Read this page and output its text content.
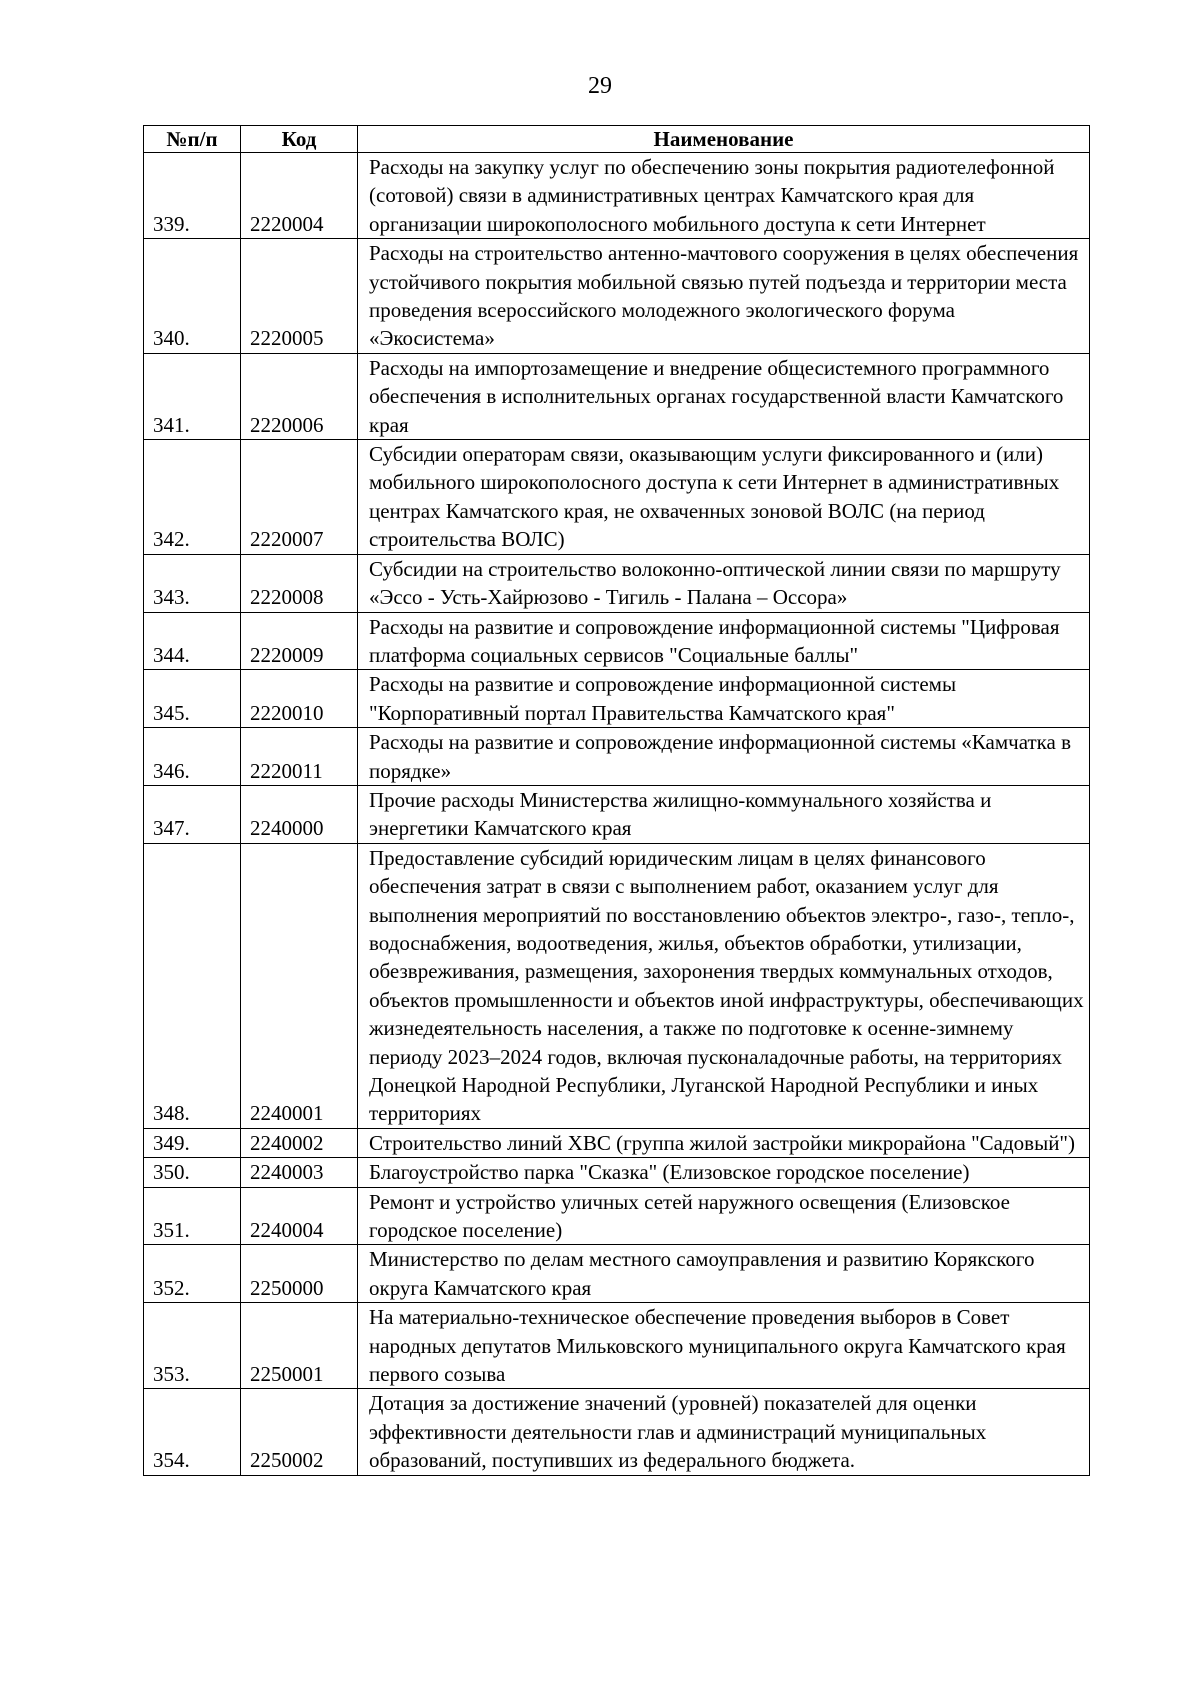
29
№п/п	Код	Наименование
339.	2220004	Расходы на закупку услуг по обеспечению зоны покрытия радиотелефонной (сотовой) связи в административных центрах Камчатского края для организации широкополосного мобильного доступа к сети Интернет
340.	2220005	Расходы на строительство антенно-мачтового сооружения в целях обеспечения устойчивого покрытия мобильной связью путей подъезда и территории места проведения всероссийского молодежного экологического форума «Экосистема»
341.	2220006	Расходы на импортозамещение и внедрение общесистемного программного обеспечения в исполнительных органах государственной власти Камчатского края
342.	2220007	Субсидии операторам связи, оказывающим услуги фиксированного и (или) мобильного широкополосного доступа к сети Интернет в административных центрах Камчатского края, не охваченных зоновой ВОЛС (на период строительства ВОЛС)
343.	2220008	Субсидии на строительство волоконно-оптической линии связи по маршруту «Эссо - Усть-Хайрюзово - Тигиль - Палана – Оссора»
344.	2220009	Расходы на развитие и сопровождение информационной системы "Цифровая платформа социальных сервисов "Социальные баллы"
345.	2220010	Расходы на развитие и сопровождение информационной системы "Корпоративный портал Правительства Камчатского края"
346.	2220011	Расходы на развитие и сопровождение информационной системы «Камчатка в порядке»
347.	2240000	Прочие расходы Министерства жилищно-коммунального хозяйства и энергетики Камчатского края
348.	2240001	Предоставление субсидий юридическим лицам в целях финансового обеспечения затрат в связи с выполнением работ, оказанием услуг для выполнения мероприятий по восстановлению объектов электро-, газо-, тепло-, водоснабжения, водоотведения, жилья, объектов обработки, утилизации, обезвреживания, размещения, захоронения твердых коммунальных отходов, объектов промышленности и объектов иной инфраструктуры, обеспечивающих жизнедеятельность населения, а также по подготовке к осенне-зимнему периоду 2023–2024 годов, включая пусконаладочные работы, на территориях Донецкой Народной Республики, Луганской Народной Республики и иных территориях
349.	2240002	Строительство линий ХВС (группа жилой застройки микрорайона "Садовый")
350.	2240003	Благоустройство парка "Сказка" (Елизовское городское поселение)
351.	2240004	Ремонт и устройство уличных сетей наружного освещения (Елизовское городское поселение)
352.	2250000	Министерство по делам местного самоуправления и развитию Корякского округа Камчатского края
353.	2250001	На материально-техническое обеспечение проведения выборов в Совет народных депутатов Мильковского муниципального округа Камчатского края первого созыва
354.	2250002	Дотация за достижение значений (уровней) показателей для оценки эффективности деятельности глав и администраций муниципальных образований, поступивших из федерального бюджета.
